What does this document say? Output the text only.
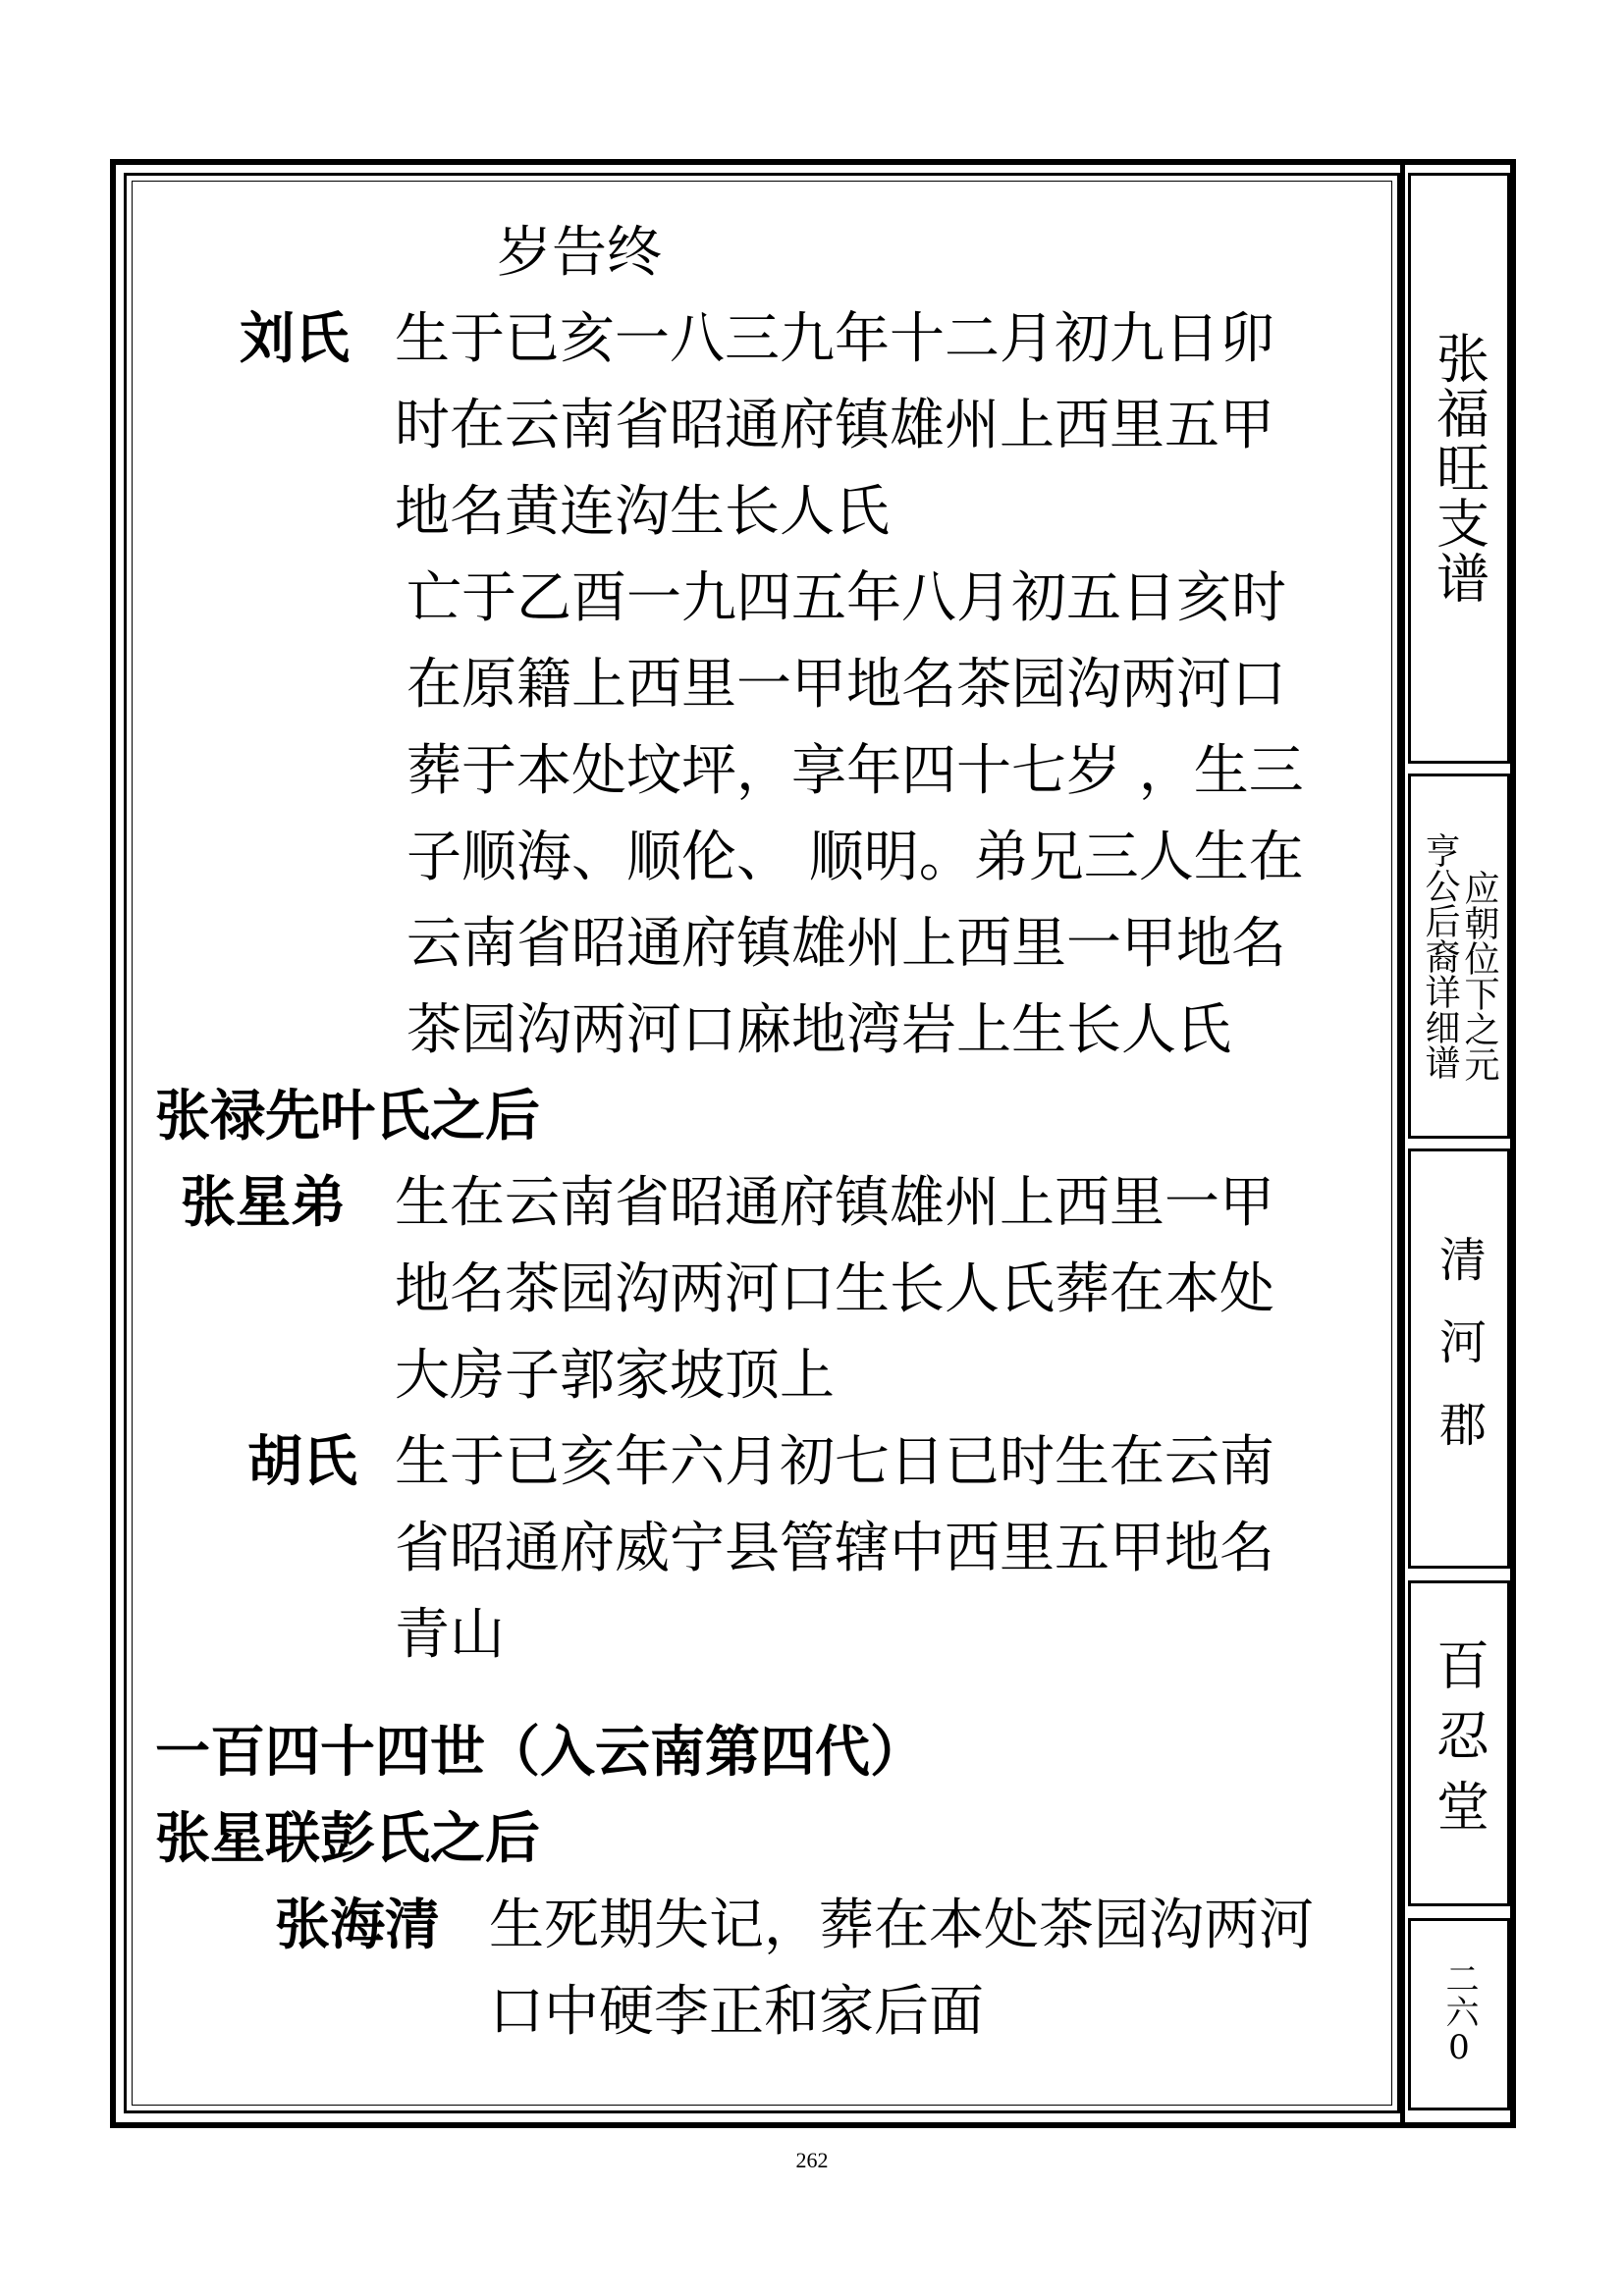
张福旺支谱
亨公后裔详细谱 应朝位下之元
清河郡
百忍堂
二六0
岁告终
刘氏 生于已亥一八三九年十二月初九日卯
时在云南省昭通府镇雄州上西里五甲
地名黄连沟生长人氏
亡于乙酉一九四五年八月初五日亥时
在原籍上西里一甲地名茶园沟两河口
葬于本处坟坪，享年四十七岁 ，生三
子顺海、顺伦、 顺明。弟兄三人生在
云南省昭通府镇雄州上西里一甲地名
茶园沟两河口麻地湾岩上生长人氏
张禄先叶氏之后
张星弟 生在云南省昭通府镇雄州上西里一甲
地名茶园沟两河口生长人氏葬在本处
大房子郭家坡顶上
胡氏 生于已亥年六月初七日已时生在云南
省昭通府威宁县管辖中西里五甲地名
青山
一百四十四世（入云南第四代）
张星联彭氏之后
张海清 生死期失记，葬在本处茶园沟两河
口中硬李正和家后面
262
